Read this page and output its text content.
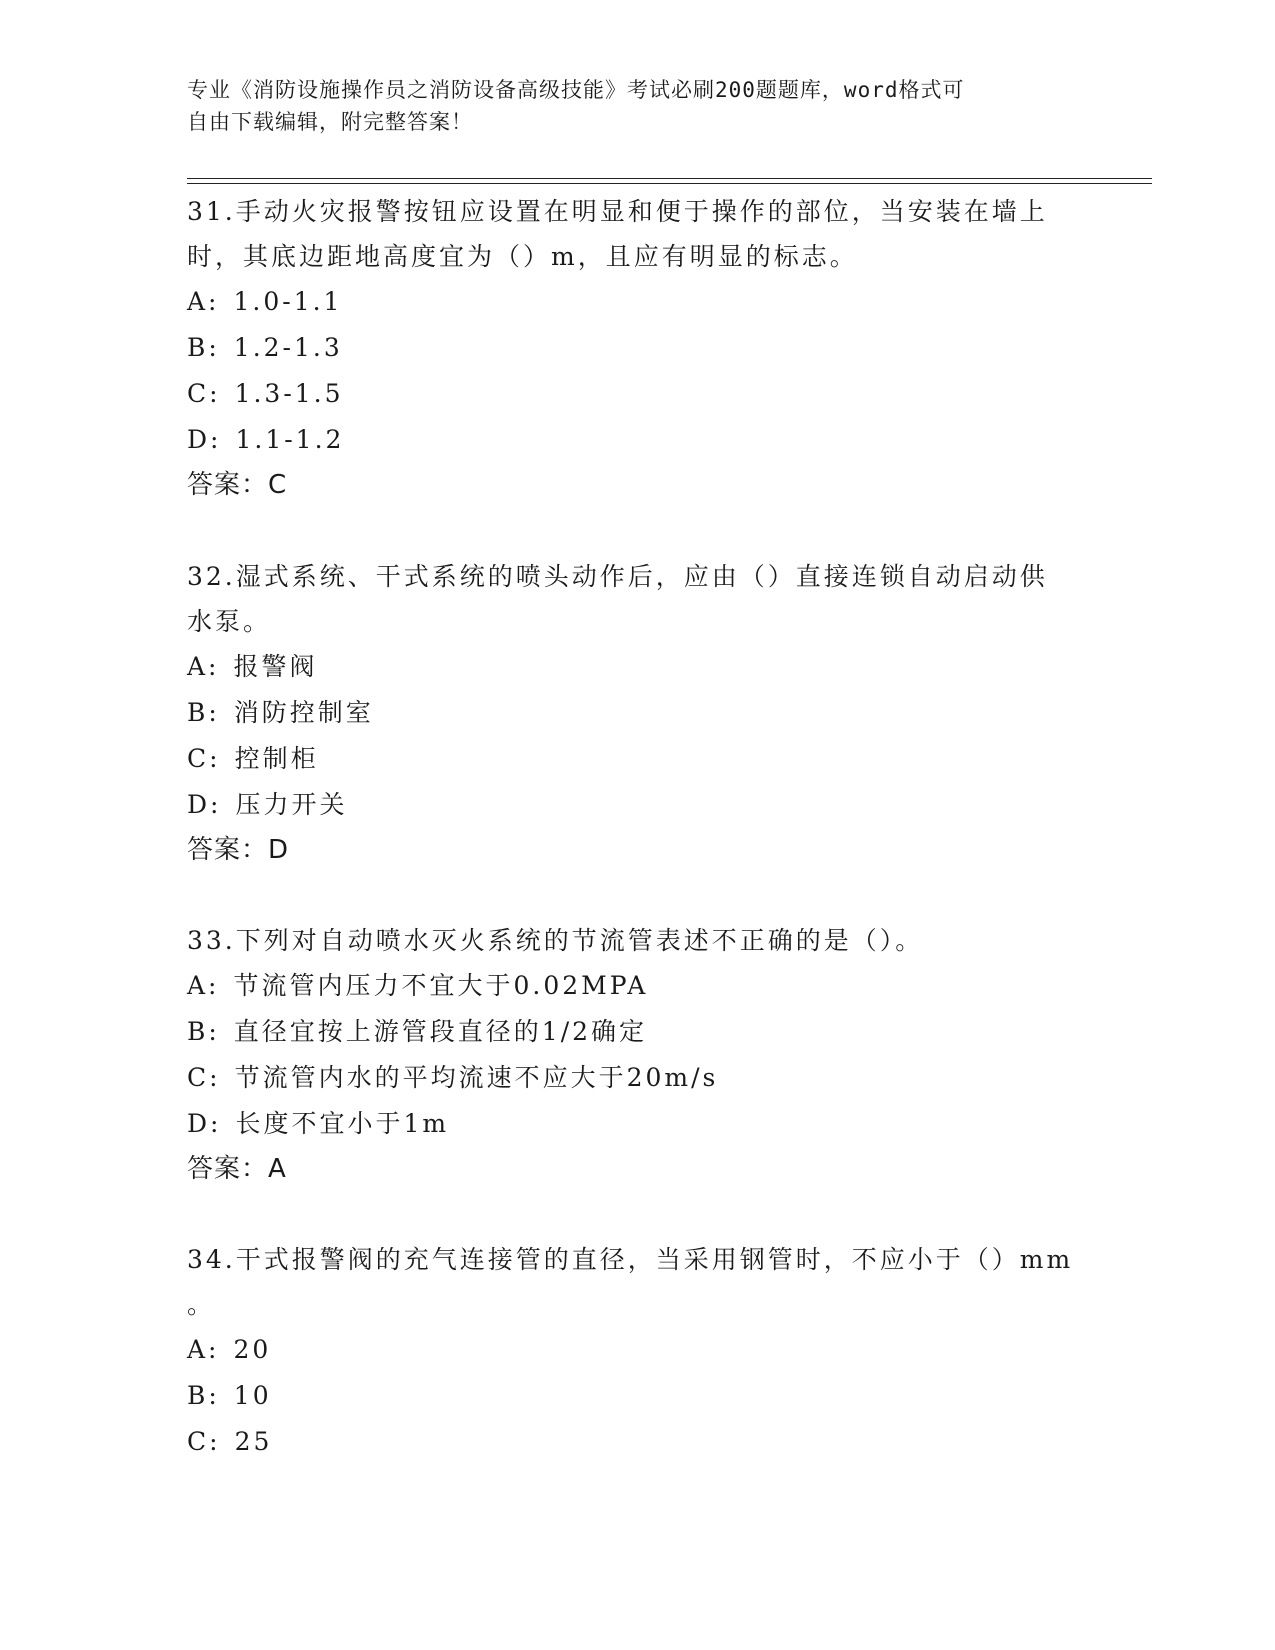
专业《消防设施操作员之消防设备高级技能》考试必刷200题题库，word格式可
自由下载编辑，附完整答案！

31.手动火灾报警按钮应设置在明显和便于操作的部位，当安装在墙上

时，其底边距地高度宜为（）m，且应有明显的标志。

A: 1.0-1.1

B: 1.2-1.3

C: 1.3-1.5

D: 1.1-1.2

答案：C

32.湿式系统、干式系统的喷头动作后，应由（）直接连锁自动启动供

水泵。

A: 报警阀

B: 消防控制室

C: 控制柜

D: 压力开关

答案：D

33.下列对自动喷水灭火系统的节流管表述不正确的是（）。

A: 节流管内压力不宜大于0.02MPA

B: 直径宜按上游管段直径的1/2确定

C: 节流管内水的平均流速不应大于20m/s

D: 长度不宜小于1m

答案：A

34.干式报警阀的充气连接管的直径，当采用钢管时，不应小于（）mm

。

A: 20

B: 10

C: 25
